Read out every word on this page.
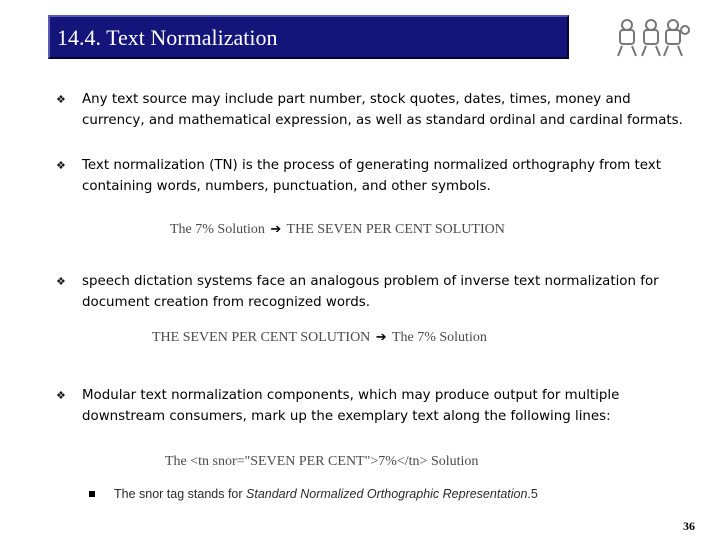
14.4. Text Normalization
❖ Any text source may include part number, stock quotes, dates, times, money and currency, and mathematical expression, as well as standard ordinal and cardinal formats.
❖ Text normalization (TN) is the process of generating normalized orthography from text containing words, numbers, punctuation, and other symbols.
The 7% Solution ➔ THE SEVEN PER CENT SOLUTION
❖ speech dictation systems face an analogous problem of inverse text normalization for document creation from recognized words.
THE SEVEN PER CENT SOLUTION ➔ The 7% Solution
❖ Modular text normalization components, which may produce output for multiple downstream consumers, mark up the exemplary text along the following lines:
The <tn snor="SEVEN PER CENT">7%</tn> Solution
The snor tag stands for Standard Normalized Orthographic Representation.5
36
